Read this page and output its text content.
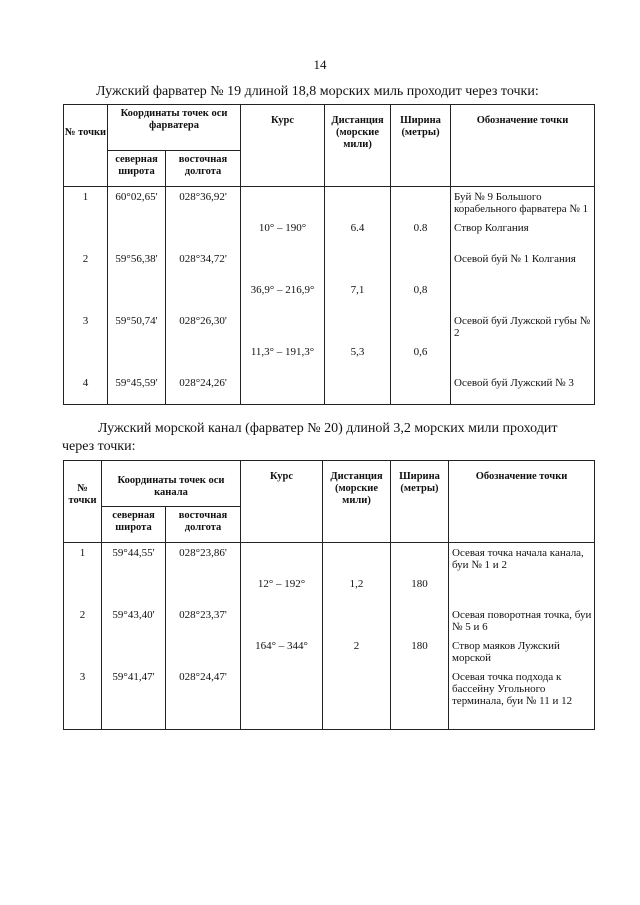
14
Лужский фарватер № 19 длиной 18,8 морских миль проходит через точки:
№ точки	Координаты точек оси фарватера		Курс	Дистанция (морские мили)	Ширина (метры)	Обозначение точки
	северная широта	восточная долгота				
1	60°02,65'	028°36,92'				Буй № 9 Большого корабельного фарватера № 1
			10° – 190°	6.4	0.8	Створ Колгания
2	59°56,38'	028°34,72'				Осевой буй № 1 Колгания
			36,9° – 216,9°	7,1	0,8	
3	59°50,74'	028°26,30'				Осевой буй Лужской губы № 2
			11,3° – 191,3°	5,3	0,6	
4	59°45,59'	028°24,26'				Осевой буй Лужский № 3
Лужский морской канал (фарватер № 20) длиной 3,2 морских мили проходит через точки:
№ точки	Координаты точек оси канала		Курс	Дистанция (морские мили)	Ширина (метры)	Обозначение точки
	северная широта	восточная долгота				
1	59°44,55'	028°23,86'				Осевая точка начала канала, буи № 1 и 2
			12° – 192°	1,2	180	
2	59°43,40'	028°23,37'				Осевая поворотная точка, буи № 5 и 6
			164° – 344°	2	180	Створ маяков Лужский морской
3	59°41,47'	028°24,47'				Осевая точка подхода к бассейну Угольного терминала, буи № 11 и 12
